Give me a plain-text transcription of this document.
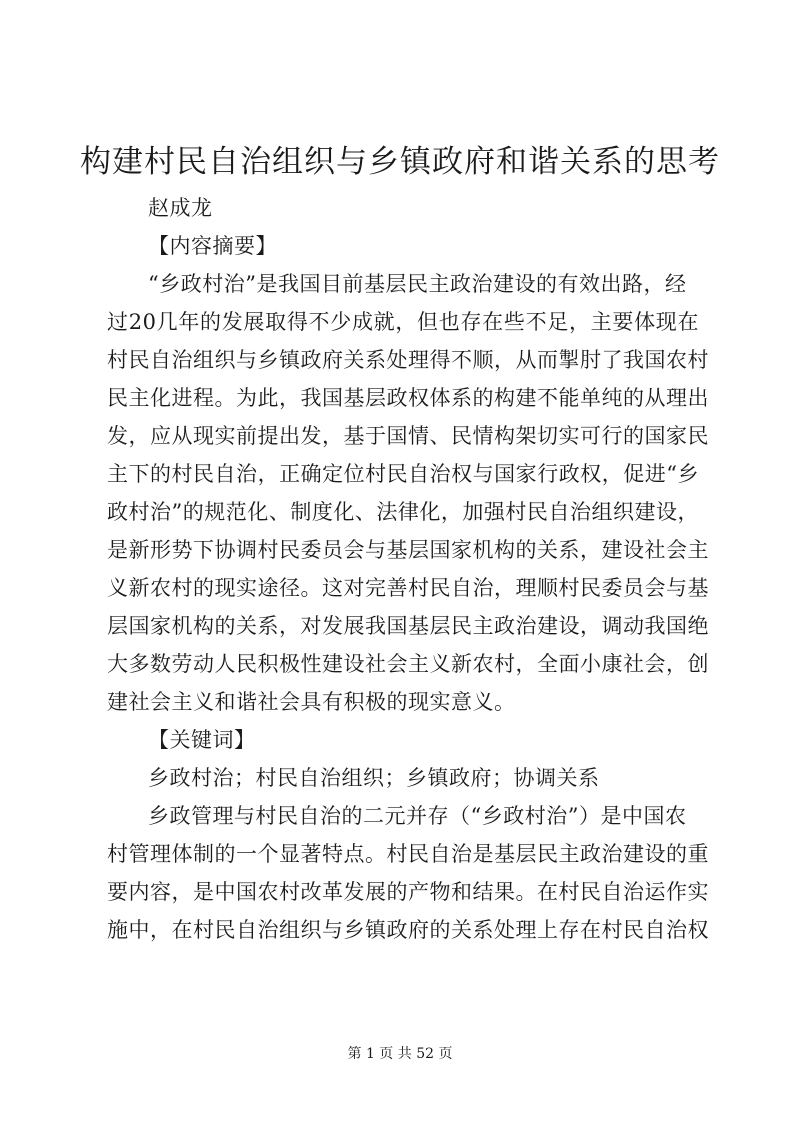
构建村民自治组织与乡镇政府和谐关系的思考
赵成龙
【内容摘要】
“乡政村治”是我国目前基层民主政治建设的有效出路，经
过20几年的发展取得不少成就，但也存在些不足，主要体现在
村民自治组织与乡镇政府关系处理得不顺，从而掣肘了我国农村
民主化进程。为此，我国基层政权体系的构建不能单纯的从理出
发，应从现实前提出发，基于国情、民情构架切实可行的国家民
主下的村民自治，正确定位村民自治权与国家行政权，促进“乡
政村治”的规范化、制度化、法律化，加强村民自治组织建设，
是新形势下协调村民委员会与基层国家机构的关系，建设社会主
义新农村的现实途径。这对完善村民自治，理顺村民委员会与基
层国家机构的关系，对发展我国基层民主政治建设，调动我国绝
大多数劳动人民积极性建设社会主义新农村，全面小康社会，创
建社会主义和谐社会具有积极的现实意义。
【关键词】
乡政村治；村民自治组织；乡镇政府；协调关系
乡政管理与村民自治的二元并存（“乡政村治”）是中国农
村管理体制的一个显著特点。村民自治是基层民主政治建设的重
要内容，是中国农村改革发展的产物和结果。在村民自治运作实
施中，在村民自治组织与乡镇政府的关系处理上存在村民自治权
第 1 页 共 52 页
